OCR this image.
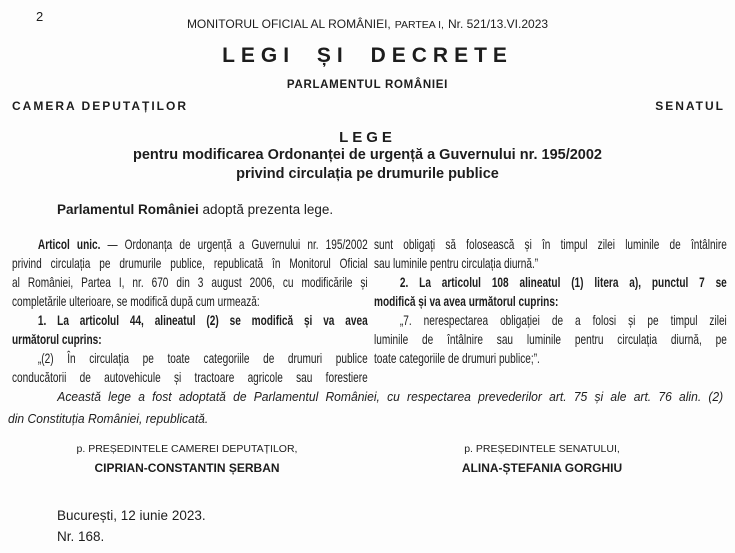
2	MONITORUL OFICIAL AL ROMÂNIEI, PARTEA I, Nr. 521/13.VI.2023
LEGI ȘI DECRETE
PARLAMENTUL ROMÂNIEI
CAMERA DEPUTAȚILOR	SENATUL
LEGE
pentru modificarea Ordonanței de urgență a Guvernului nr. 195/2002
privind circulația pe drumurile publice
Parlamentul României adoptă prezenta lege.
Articol unic. — Ordonanța de urgență a Guvernului nr. 195/2002
privind circulația pe drumurile publice, republicată în Monitorul Oficial
al României, Partea I, nr. 670 din 3 august 2006, cu modificările și
completările ulterioare, se modifică după cum urmează:
1. La articolul 44, alineatul (2) se modifică și va avea
următorul cuprins:
„(2) În circulația pe toate categoriile de drumuri publice
conducătorii de autovehicule și tractoare agricole sau forestiere
sunt obligați să folosească și în timpul zilei luminile de întâlnire
sau luminile pentru circulația diurnă.”
2. La articolul 108 alineatul (1) litera a), punctul 7 se
modifică și va avea următorul cuprins:
„7. nerespectarea obligației de a folosi și pe timpul zilei
luminile de întâlnire sau luminile pentru circulația diurnă, pe
toate categoriile de drumuri publice;”.
Această lege a fost adoptată de Parlamentul României, cu respectarea prevederilor art. 75 și ale art. 76 alin. (2)
din Constituția României, republicată.
p. PREȘEDINTELE CAMEREI DEPUTAȚILOR,
CIPRIAN-CONSTANTIN ȘERBAN
p. PREȘEDINTELE SENATULUI,
ALINA-ȘTEFANIA GORGHIU
București, 12 iunie 2023.
Nr. 168.
